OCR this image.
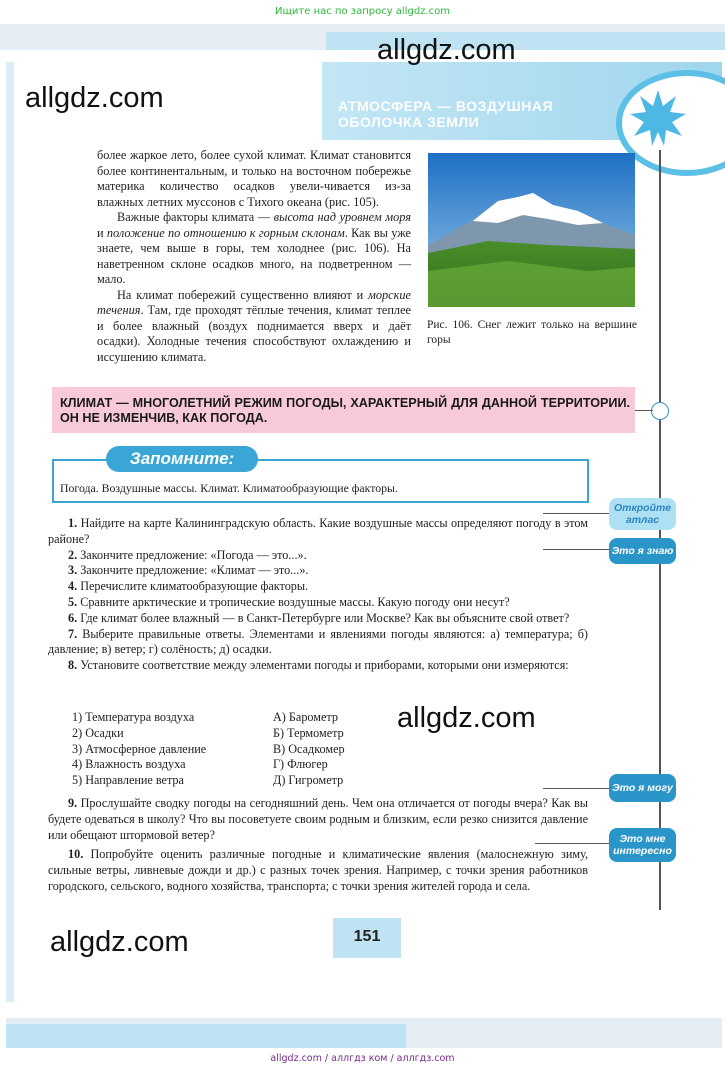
Ищите нас по запросу allgdz.com
АТМОСФЕРА — ВОЗДУШНАЯ
ОБОЛОЧКА ЗЕМЛИ
allgdz.com
allgdz.com
allgdz.com
allgdz.com

более жаркое лето, более сухой климат. Климат становится более континентальным, и только на восточном побережье материка количество осадков увели-чивается из-за влажных летних муссонов с Тихого океана (рис. 105).

Важные факторы климата — высота над уровнем моря и положение по отношению к горным склонам. Как вы уже знаете, чем выше в горы, тем холоднее (рис. 106). На наветренном склоне осадков много, на подветренном — мало.

На климат побережий существенно влияют и морские течения. Там, где проходят тёплые течения, климат теплее и более влажный (воздух поднимается вверх и даёт осадки). Холодные течения способствуют охлаждению и иссушению климата.

Рис. 106. Снег лежит только на вершине горы
КЛИМАТ — МНОГОЛЕТНИЙ РЕЖИМ ПОГОДЫ, ХАРАКТЕРНЫЙ ДЛЯ ДАННОЙ ТЕРРИТОРИИ. ОН НЕ ИЗМЕНЧИВ, КАК ПОГОДА.
Запомните:
Погода. Воздушные массы. Климат. Климатообразующие факторы.
Откройте атлас
Это я знаю
Это я могу
Это мне интересно

1. Найдите на карте Калининградскую область. Какие воздушные массы определяют погоду в этом районе?

2. Закончите предложение: «Погода — это...».

3. Закончите предложение: «Климат — это...».

4. Перечислите климатообразующие факторы.

5. Сравните арктические и тропические воздушные массы. Какую погоду они несут?

6. Где климат более влажный — в Санкт-Петербурге или Москве? Как вы объясните свой ответ?

7. Выберите правильные ответы. Элементами и явлениями погоды являются: а) температура; б) давление; в) ветер; г) солёность; д) осадки.

8. Установите соответствие между элементами погоды и приборами, которыми они измеряются:

1) Температура воздуха
2) Осадки
3) Атмосферное давление
4) Влажность воздуха
5) Направление ветра
А) Барометр
Б) Термометр
В) Осадкомер
Г) Флюгер
Д) Гигрометр

9. Прослушайте сводку погоды на сегодняшний день. Чем она отличается от погоды вчера? Как вы будете одеваться в школу? Что вы посоветуете своим родным и близким, если резко снизится давление или обещают штормовой ветер?

10. Попробуйте оценить различные погодные и климатические явления (малоснежную зиму, сильные ветры, ливневые дожди и др.) с разных точек зрения. Например, с точки зрения работников городского, сельского, водного хозяйства, транспорта; с точки зрения жителей города и села.

151
allgdz.com / аллгдз ком / аллгдз.com
